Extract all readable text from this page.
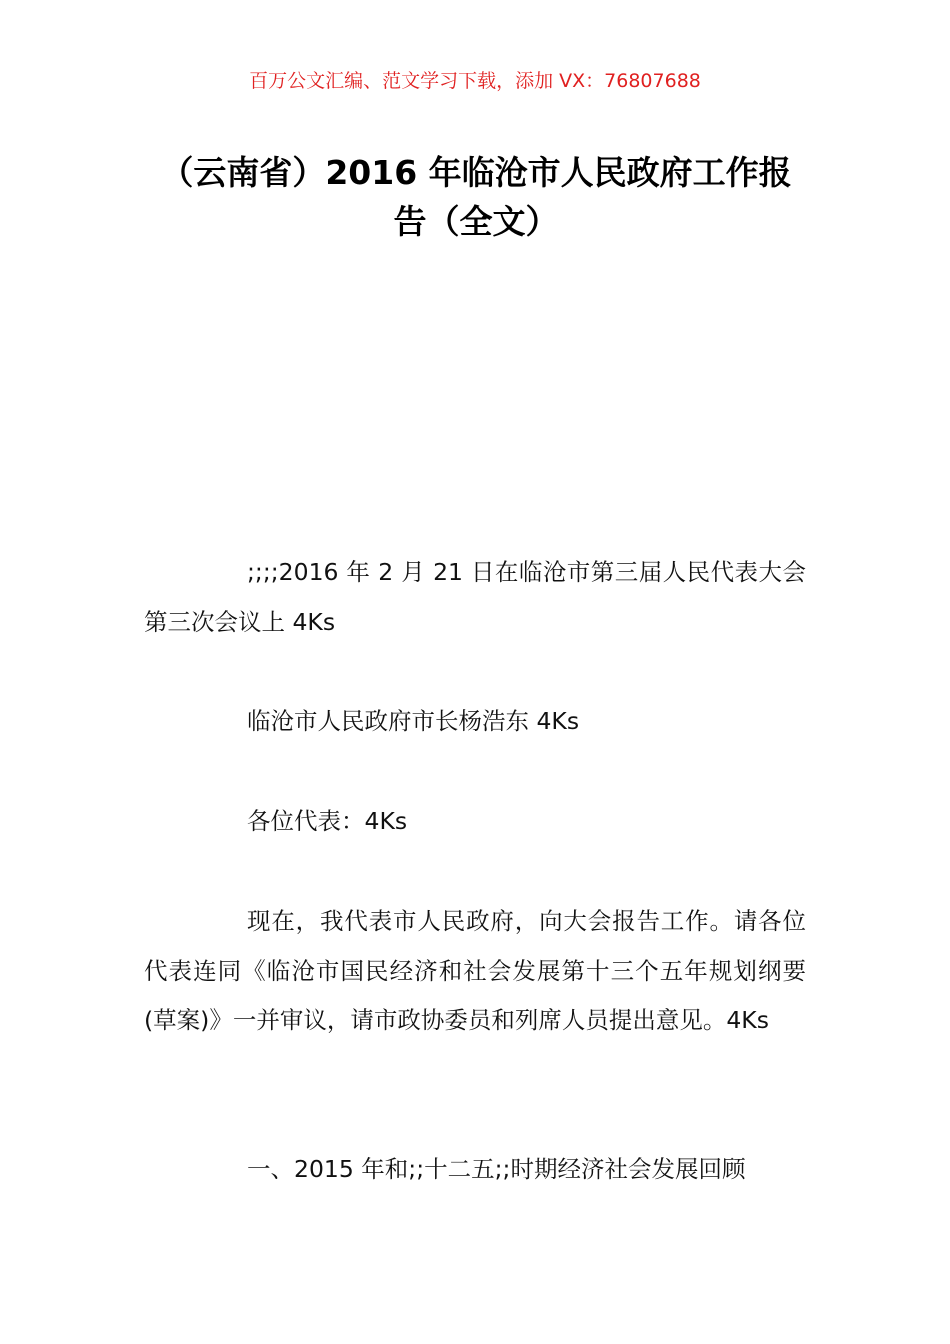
百万公文汇编、范文学习下载，添加 VX：76807688
（云南省）2016 年临沧市人民政府工作报告（全文）

;;;;2016 年 2 月 21 日在临沧市第三届人民代表大会第三次会议上 4Ks

临沧市人民政府市长杨浩东 4Ks

各位代表：4Ks

现在，我代表市人民政府，向大会报告工作。请各位代表连同《临沧市国民经济和社会发展第十三个五年规划纲要(草案)》一并审议，请市政协委员和列席人员提出意见。4Ks

一、2015 年和;;十二五;;时期经济社会发展回顾
